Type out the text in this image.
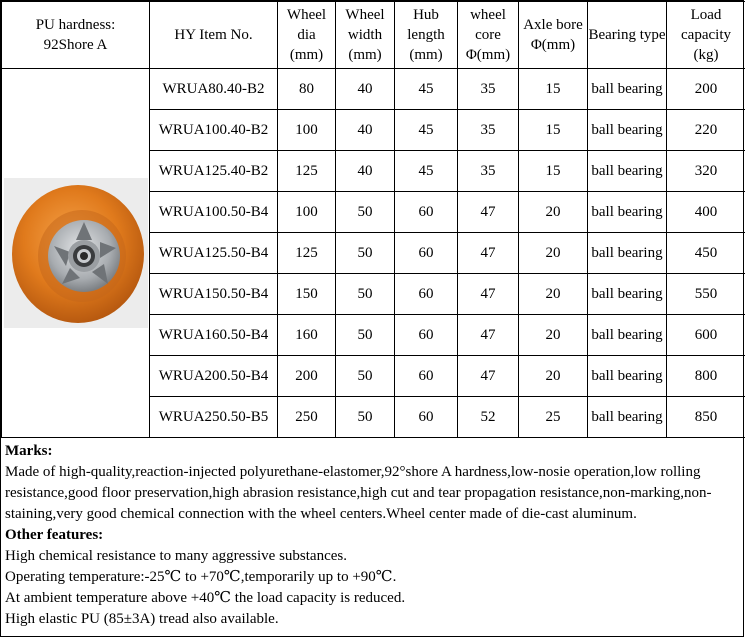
PU hardness:
92Shore A	HY Item No.	Wheel
dia
(mm)	Wheel
width
(mm)	Hub
length
(mm)	wheel
core
Φ(mm)	Axle bore
Φ(mm)	Bearing type	Load
capacity
(kg)

	WRUA80.40-B2	80	40	45	35	15	ball bearing	200
	WRUA100.40-B2	100	40	45	35	15	ball bearing	220
	WRUA125.40-B2	125	40	45	35	15	ball bearing	320
	WRUA100.50-B4	100	50	60	47	20	ball bearing	400
	WRUA125.50-B4	125	50	60	47	20	ball bearing	450
	WRUA150.50-B4	150	50	60	47	20	ball bearing	550
	WRUA160.50-B4	160	50	60	47	20	ball bearing	600
	WRUA200.50-B4	200	50	60	47	20	ball bearing	800
	WRUA250.50-B5	250	50	60	52	25	ball bearing	850

Marks:

Made of high-quality,reaction-injected polyurethane-elastomer,92°shore A hardness,low-nosie operation,low rolling resistance,good floor preservation,high abrasion resistance,high cut and tear propagation resistance,non-marking,non-staining,very good chemical connection with the wheel centers.Wheel center made of die-cast aluminum.

Other features:

High chemical resistance to many aggressive substances.

Operating temperature:-25℃ to +70℃,temporarily up to +90℃.

At ambient temperature above +40℃ the load capacity is reduced.

High elastic PU (85±3A) tread also available.
